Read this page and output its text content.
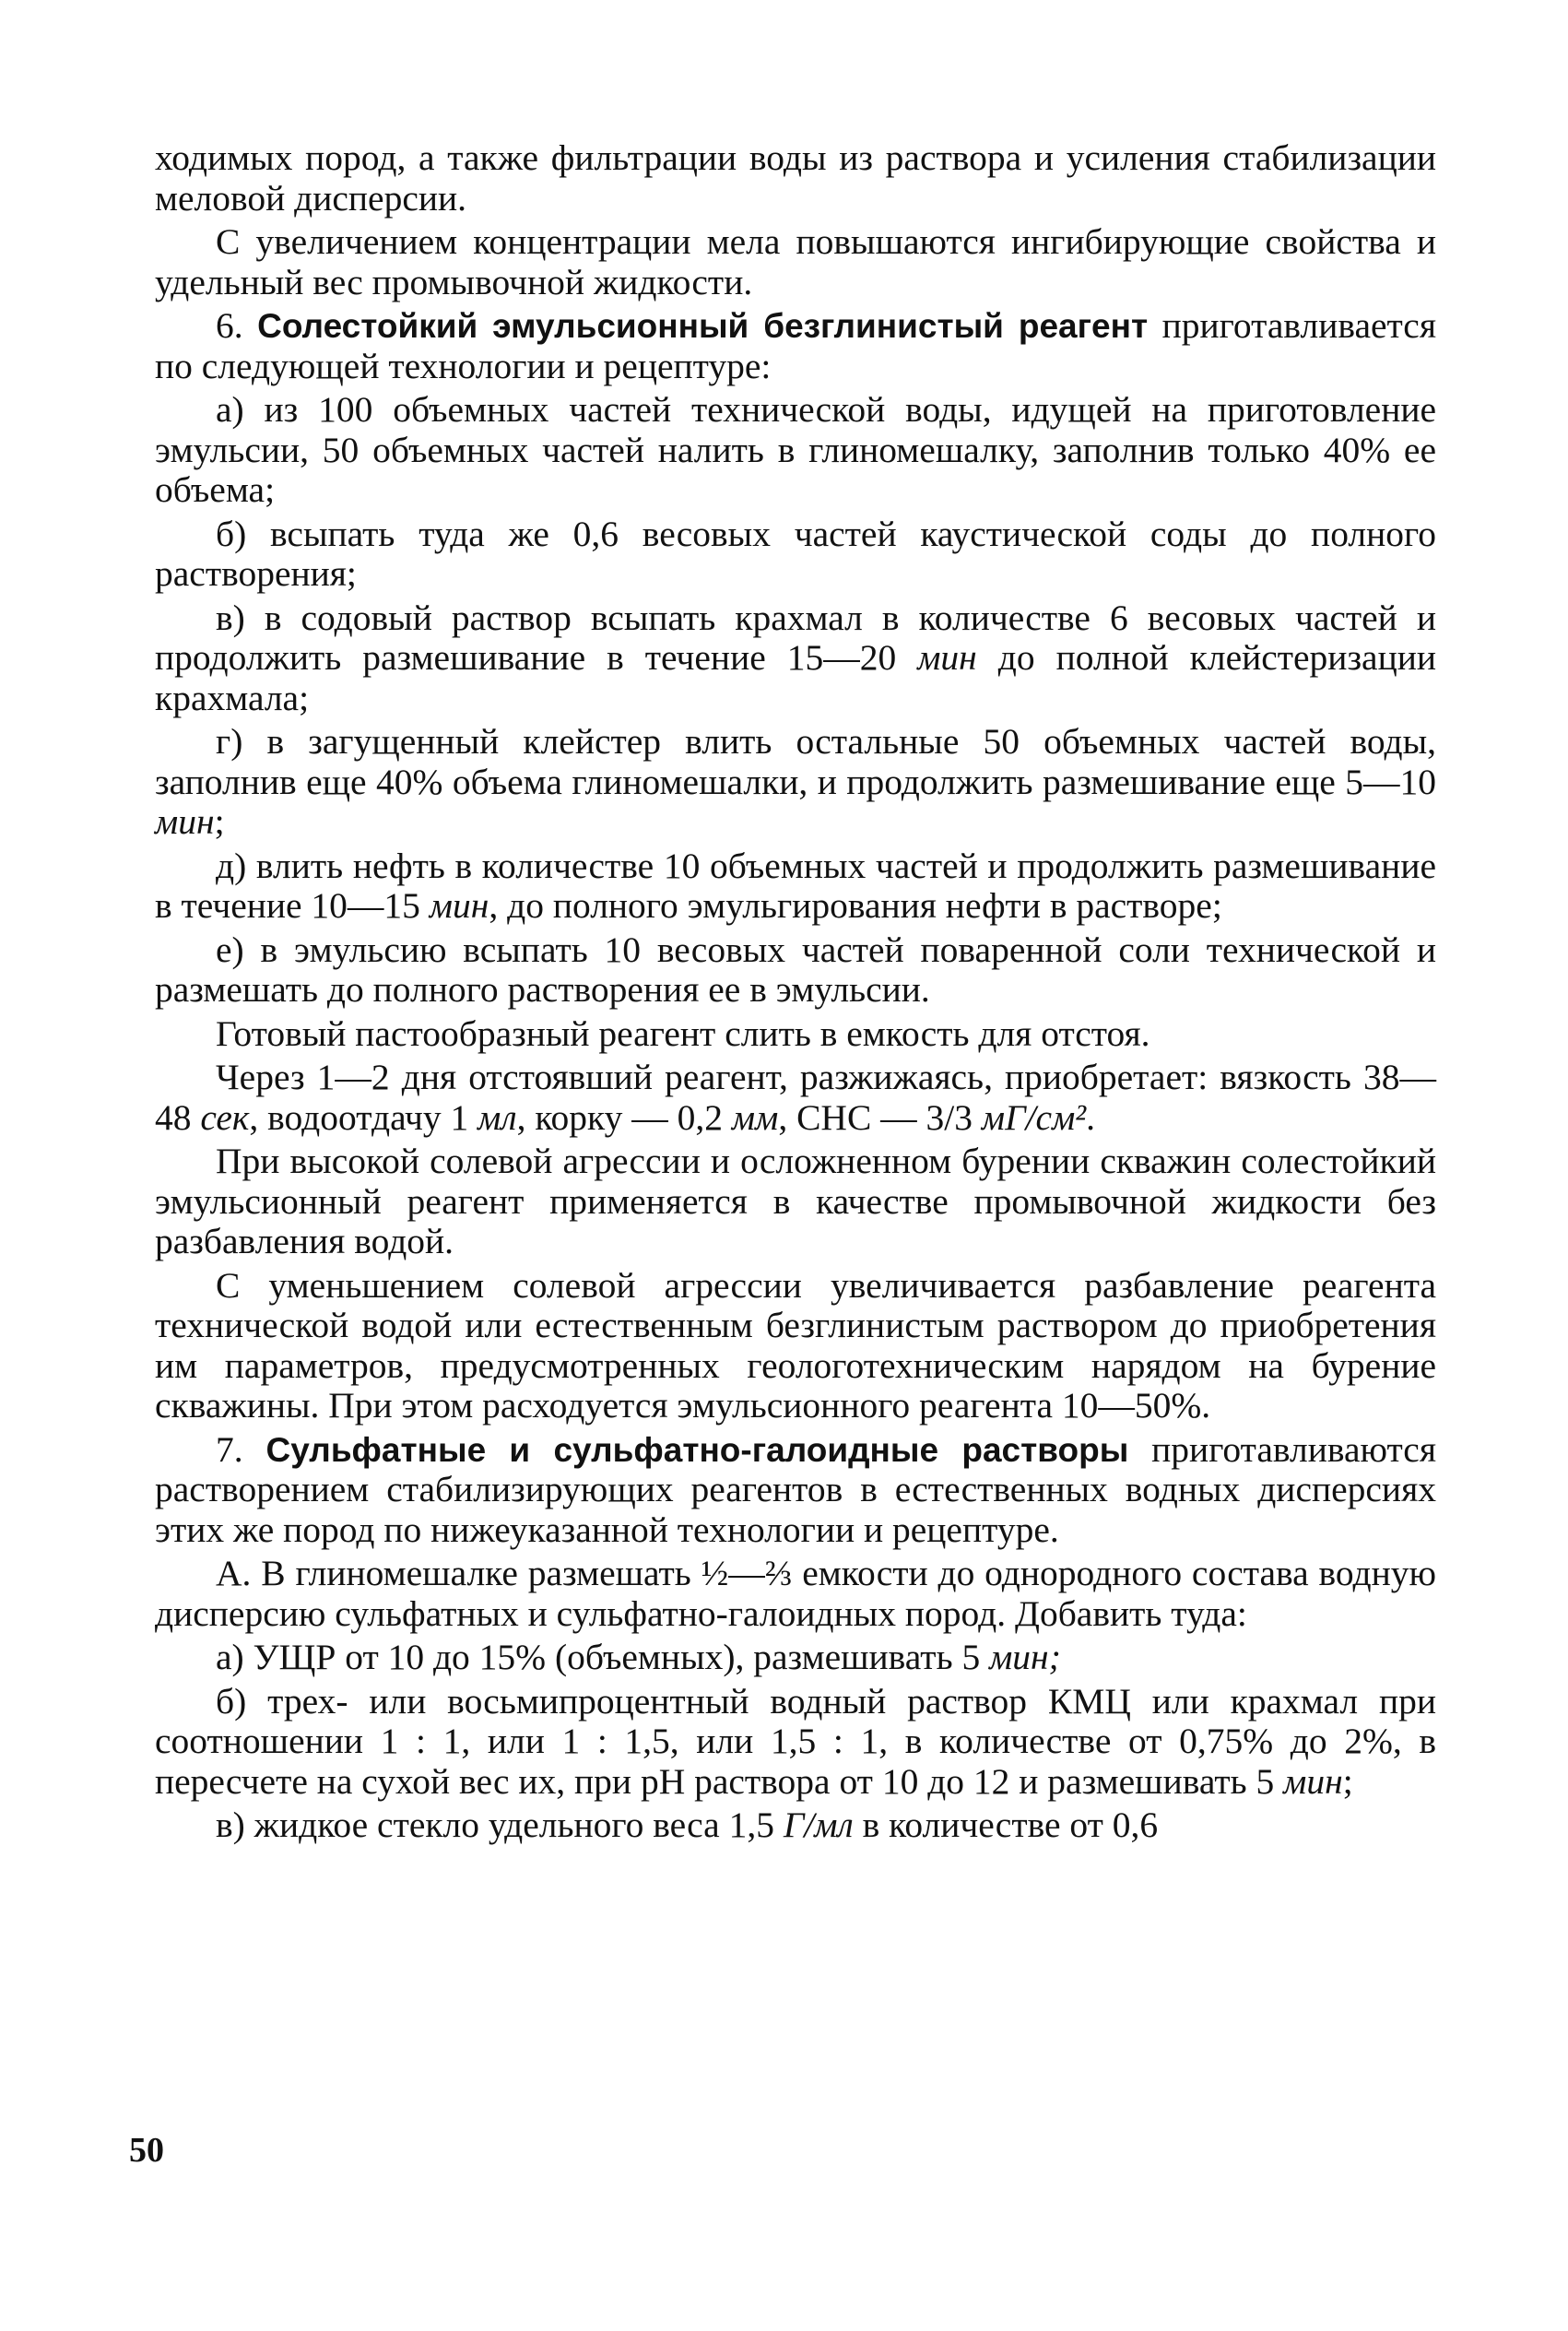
ходимых пород, а также фильтрации воды из раствора и усиления стабилизации меловой дисперсии.

С увеличением концентрации мела повышаются ингибирующие свойства и удельный вес промывочной жидкости.

6. Солестойкий эмульсионный безглинистый реагент приготавливается по следующей технологии и рецептуре:

а) из 100 объемных частей технической воды, идущей на приготовление эмульсии, 50 объемных частей налить в глиномешалку, заполнив только 40% ее объема;

б) всыпать туда же 0,6 весовых частей каустической соды до полного растворения;

в) в содовый раствор всыпать крахмал в количестве 6 весовых частей и продолжить размешивание в течение 15—20 мин до полной клейстеризации крахмала;

г) в загущенный клейстер влить остальные 50 объемных частей воды, заполнив еще 40% объема глиномешалки, и продолжить размешивание еще 5—10 мин;

д) влить нефть в количестве 10 объемных частей и продолжить размешивание в течение 10—15 мин, до полного эмульгирования нефти в растворе;

е) в эмульсию всыпать 10 весовых частей поваренной соли технической и размешать до полного растворения ее в эмульсии.

Готовый пастообразный реагент слить в емкость для отстоя.

Через 1—2 дня отстоявший реагент, разжижаясь, приобретает: вязкость 38—48 сек, водоотдачу 1 мл, корку — 0,2 мм, СНС — 3/3 мГ/см².

При высокой солевой агрессии и осложненном бурении скважин солестойкий эмульсионный реагент применяется в качестве промывочной жидкости без разбавления водой.

С уменьшением солевой агрессии увеличивается разбавление реагента технической водой или естественным безглинистым раствором до приобретения им параметров, предусмотренных геологотехническим нарядом на бурение скважины. При этом расходуется эмульсионного реагента 10—50%.

7. Сульфатные и сульфатно-галоидные растворы приготавливаются растворением стабилизирующих реагентов в естественных водных дисперсиях этих же пород по нижеуказанной технологии и рецептуре.

А. В глиномешалке размешать ½—⅔ емкости до однородного состава водную дисперсию сульфатных и сульфатно-галоидных пород. Добавить туда:

а) УЩР от 10 до 15% (объемных), размешивать 5 мин;

б) трех- или восьмипроцентный водный раствор КМЦ или крахмал при соотношении 1 : 1, или 1 : 1,5, или 1,5 : 1, в количестве от 0,75% до 2%, в пересчете на сухой вес их, при pH раствора от 10 до 12 и размешивать 5 мин;

в) жидкое стекло удельного веса 1,5 Г/мл в количестве от 0,6

50
